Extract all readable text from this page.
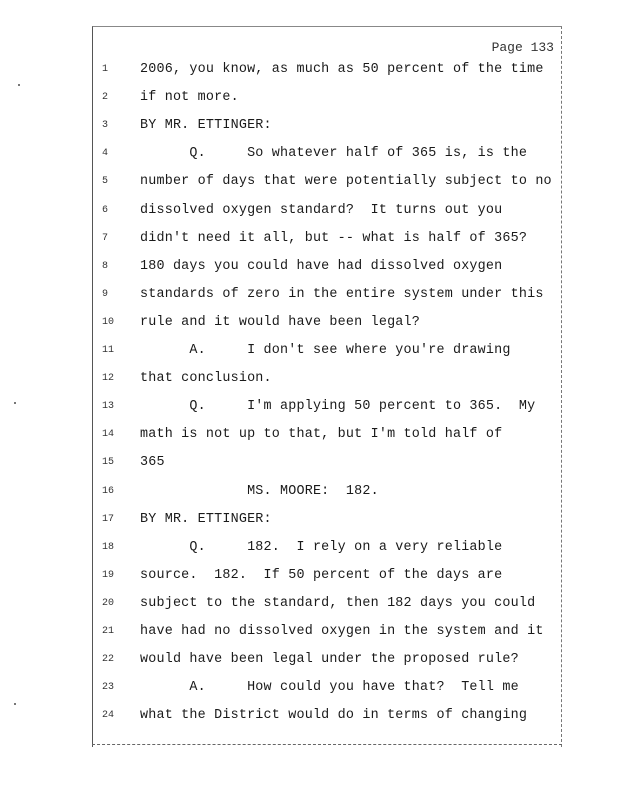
Page 133
1	2006, you know, as much as 50 percent of the time
2	if not more.
3	BY MR. ETTINGER:
4	Q.     So whatever half of 365 is, is the
5	number of days that were potentially subject to no
6	dissolved oxygen standard?  It turns out you
7	didn't need it all, but -- what is half of 365?
8	180 days you could have had dissolved oxygen
9	standards of zero in the entire system under this
10	rule and it would have been legal?
11	A.     I don't see where you're drawing
12	that conclusion.
13	Q.     I'm applying 50 percent to 365.  My
14	math is not up to that, but I'm told half of
15	365
16	MS. MOORE:  182.
17	BY MR. ETTINGER:
18	Q.     182.  I rely on a very reliable
19	source.  182.  If 50 percent of the days are
20	subject to the standard, then 182 days you could
21	have had no dissolved oxygen in the system and it
22	would have been legal under the proposed rule?
23	A.     How could you have that?  Tell me
24	what the District would do in terms of changing
